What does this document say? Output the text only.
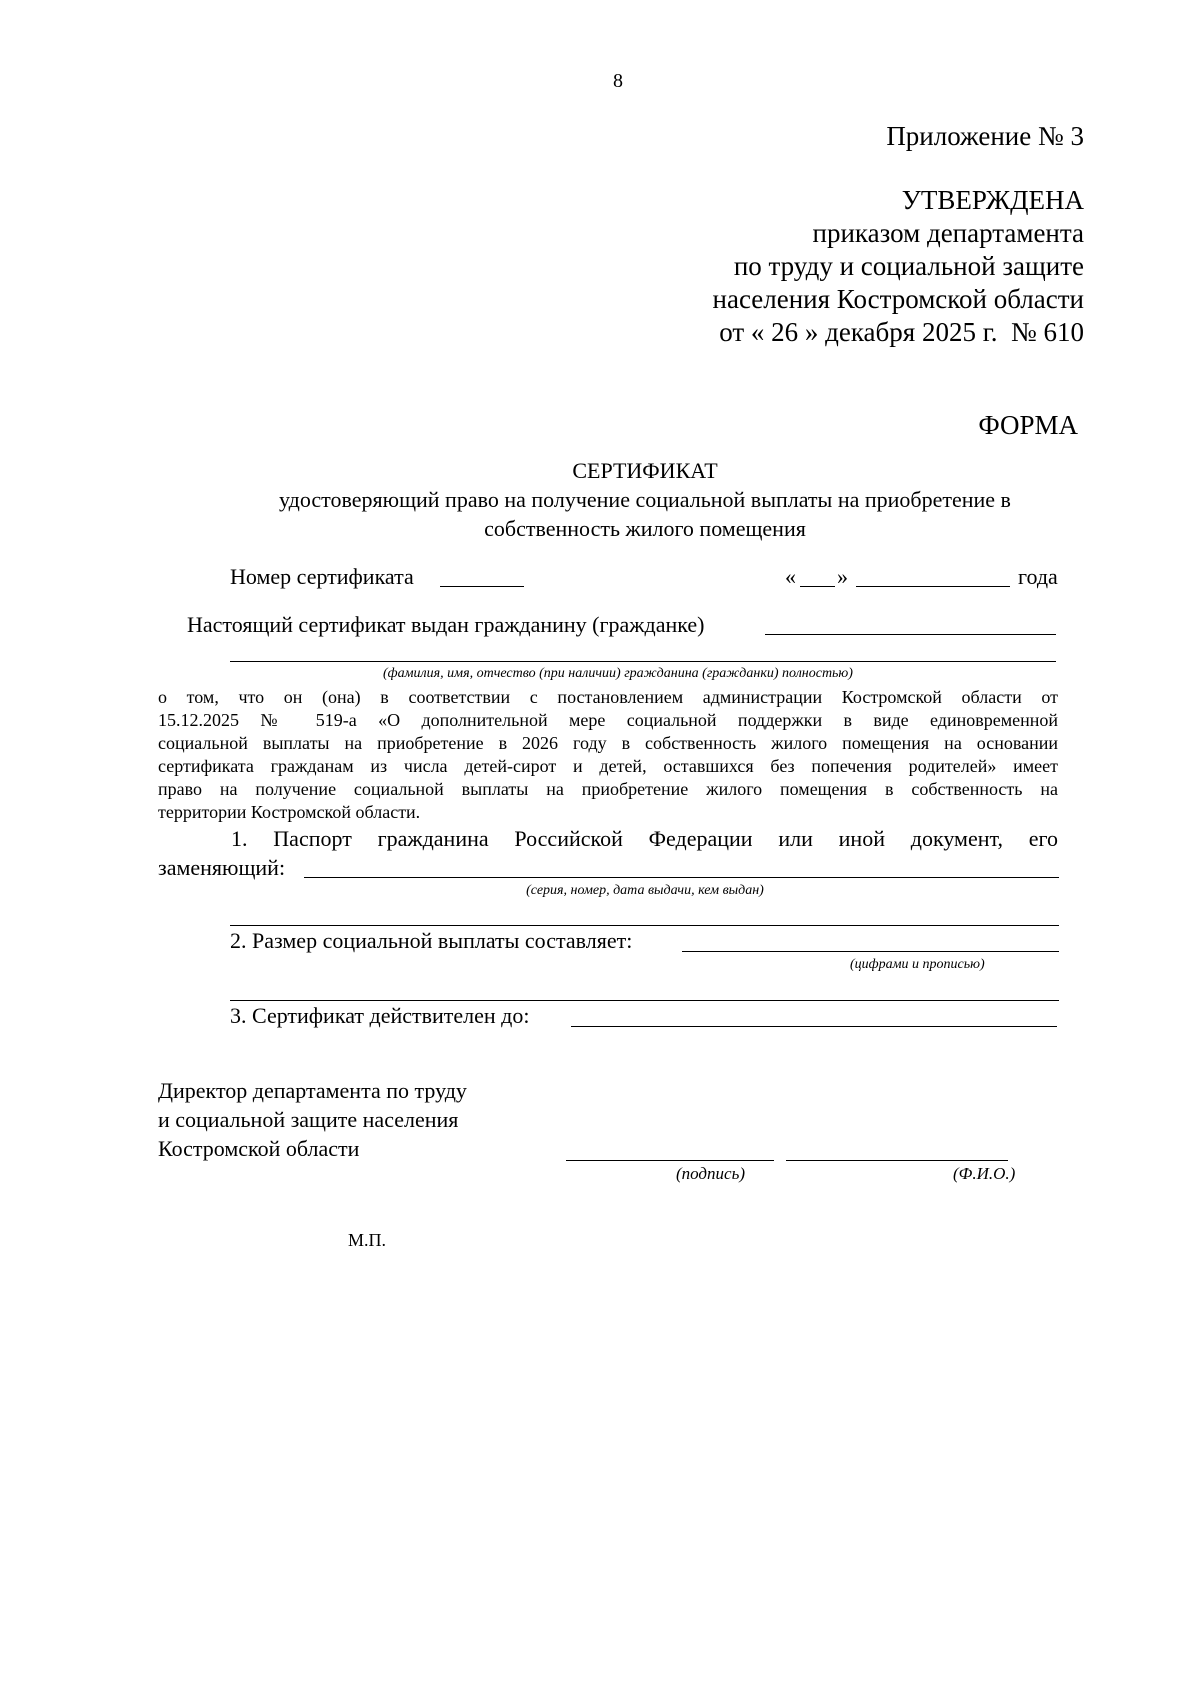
8
Приложение № 3
УТВЕРЖДЕНА
приказом департамента
по труду и социальной защите
населения Костромской области
от « 26 » декабря 2025 г.  № 610
ФОРМА
СЕРТИФИКАТ
удостоверяющий право на получение социальной выплаты на приобретение в
собственность жилого помещения
Номер сертификата	« »	года
Настоящий сертификат выдан гражданину (гражданке)
(фамилия, имя, отчество (при наличии) гражданина (гражданки) полностью)
о том, что он (она) в соответствии с постановлением администрации Костромской области от
15.12.2025 № 519-а «О дополнительной мере социальной поддержки в виде единовременной
социальной выплаты на приобретение в 2026 году в собственность жилого помещения на основании
сертификата гражданам из числа детей-сирот и детей, оставшихся без попечения родителей» имеет
право на получение социальной выплаты на приобретение жилого помещения в собственность на
территории Костромской области.
1. Паспорт гражданина Российской Федерации или иной документ, его
заменяющий:
(серия, номер, дата выдачи, кем выдан)
2. Размер социальной выплаты составляет:
(цифрами и прописью)
3. Сертификат действителен до:
Директор департамента по труду
и социальной защите населения
Костромской области
(подпись)	(Ф.И.О.)
М.П.
